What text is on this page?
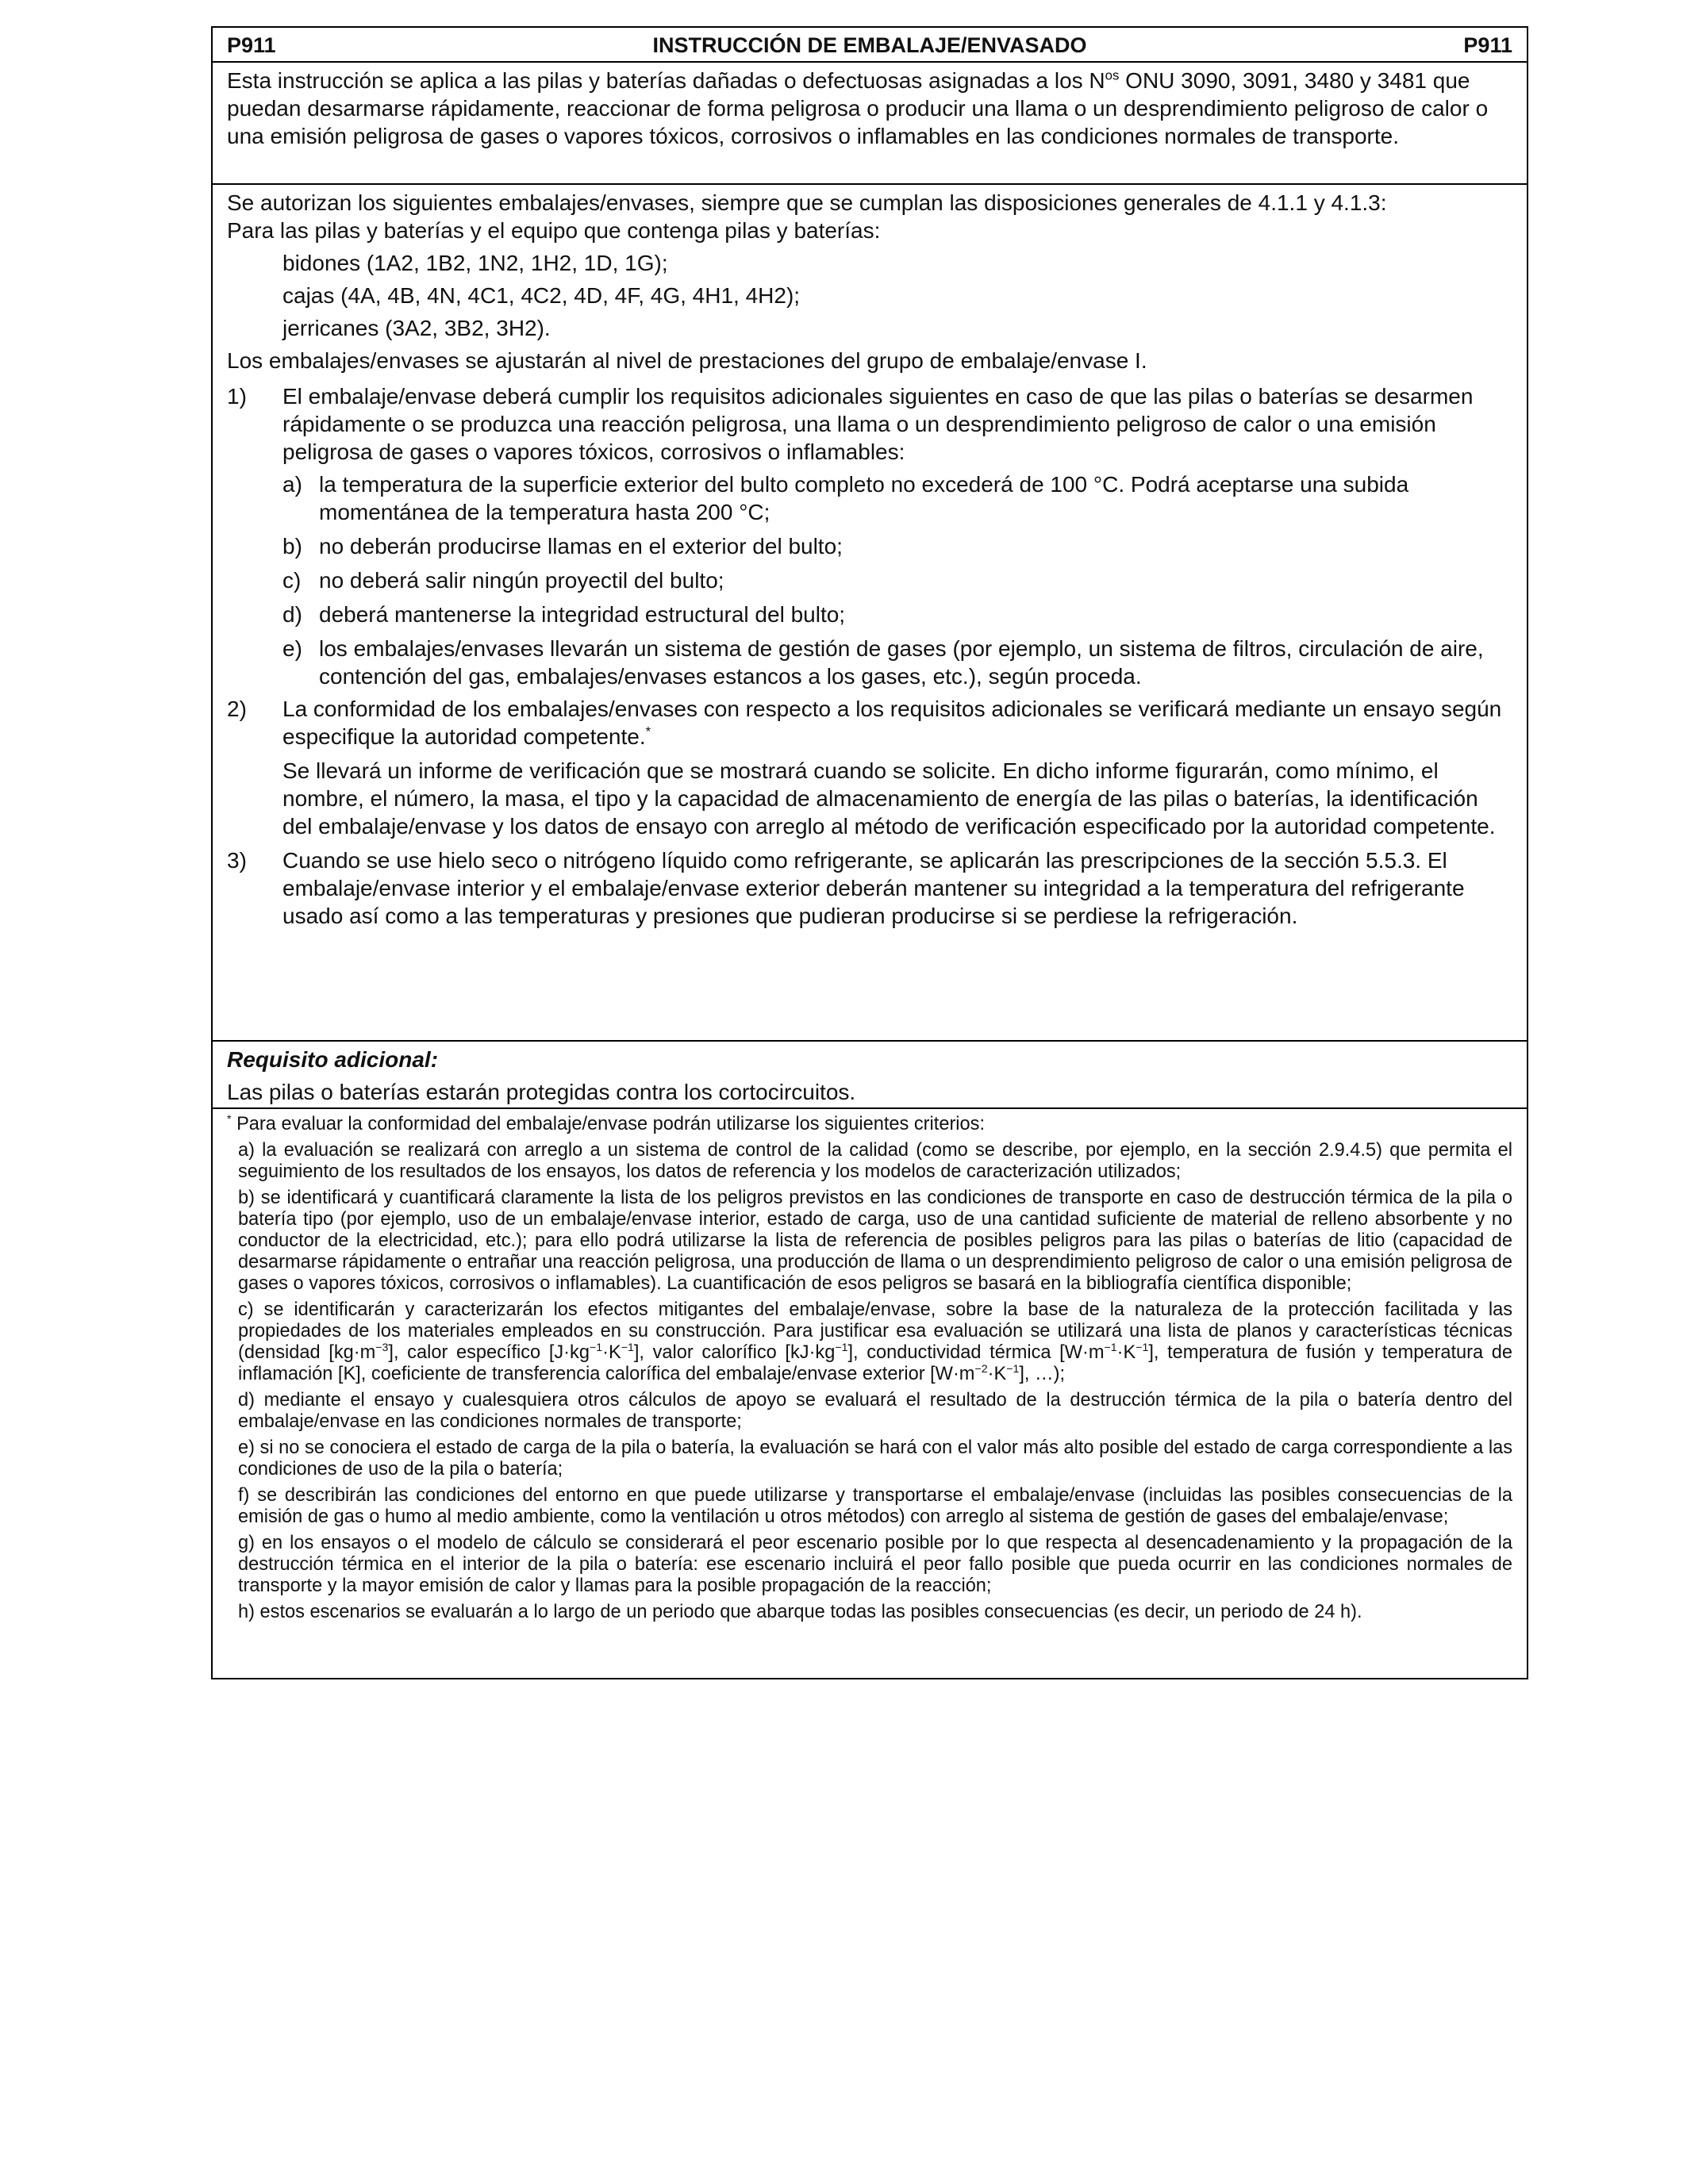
P911	INSTRUCCIÓN DE EMBALAJE/ENVASADO	P911

Esta instrucción se aplica a las pilas y baterías dañadas o defectuosas asignadas a los $N^{os}$ ONU 3090, 3091, 3480 y 3481 que puedan desarmarse rápidamente, reaccionar de forma peligrosa o producir una llama o un desprendimiento peligroso de calor o una emisión peligrosa de gases o vapores tóxicos, corrosivos o inflamables en las condiciones normales de transporte.

Se autorizan los siguientes embalajes/envases, siempre que se cumplan las disposiciones generales de 4.1.1 y 4.1.3:

Para las pilas y baterías y el equipo que contenga pilas y baterías:

bidones (1A2, 1B2, 1N2, 1H2, 1D, 1G);

cajas (4A, 4B, 4N, 4C1, 4C2, 4D, 4F, 4G, 4H1, 4H2);

jerricanes (3A2, 3B2, 3H2).

Los embalajes/envases se ajustarán al nivel de prestaciones del grupo de embalaje/envase I.

1) El embalaje/envase deberá cumplir los requisitos adicionales siguientes en caso de que las pilas o baterías se desarmen rápidamente o se produzca una reacción peligrosa, una llama o un desprendimiento peligroso de calor o una emisión peligrosa de gases o vapores tóxicos, corrosivos o inflamables:

a) la temperatura de la superficie exterior del bulto completo no excederá de 100 °C. Podrá aceptarse una subida momentánea de la temperatura hasta 200 °C;

b) no deberán producirse llamas en el exterior del bulto;

c) no deberá salir ningún proyectil del bulto;

d) deberá mantenerse la integridad estructural del bulto;

e) los embalajes/envases llevarán un sistema de gestión de gases (por ejemplo, un sistema de filtros, circulación de aire, contención del gas, embalajes/envases estancos a los gases, etc.), según proceda.

2) La conformidad de los embalajes/envases con respecto a los requisitos adicionales se verificará mediante un ensayo según especifique la autoridad competente.*

Se llevará un informe de verificación que se mostrará cuando se solicite. En dicho informe figurarán, como mínimo, el nombre, el número, la masa, el tipo y la capacidad de almacenamiento de energía de las pilas o baterías, la identificación del embalaje/envase y los datos de ensayo con arreglo al método de verificación especificado por la autoridad competente.

3) Cuando se use hielo seco o nitrógeno líquido como refrigerante, se aplicarán las prescripciones de la sección 5.5.3. El embalaje/envase interior y el embalaje/envase exterior deberán mantener su integridad a la temperatura del refrigerante usado así como a las temperaturas y presiones que pudieran producirse si se perdiese la refrigeración.

Requisito adicional:

Las pilas o baterías estarán protegidas contra los cortocircuitos.

* Para evaluar la conformidad del embalaje/envase podrán utilizarse los siguientes criterios:

a) la evaluación se realizará con arreglo a un sistema de control de la calidad (como se describe, por ejemplo, en la sección 2.9.4.5) que permita el seguimiento de los resultados de los ensayos, los datos de referencia y los modelos de caracterización utilizados;

b) se identificará y cuantificará claramente la lista de los peligros previstos en las condiciones de transporte en caso de destrucción térmica de la pila o batería tipo (por ejemplo, uso de un embalaje/envase interior, estado de carga, uso de una cantidad suficiente de material de relleno absorbente y no conductor de la electricidad, etc.); para ello podrá utilizarse la lista de referencia de posibles peligros para las pilas o baterías de litio (capacidad de desarmarse rápidamente o entrañar una reacción peligrosa, una producción de llama o un desprendimiento peligroso de calor o una emisión peligrosa de gases o vapores tóxicos, corrosivos o inflamables). La cuantificación de esos peligros se basará en la bibliografía científica disponible;

c) se identificarán y caracterizarán los efectos mitigantes del embalaje/envase, sobre la base de la naturaleza de la protección facilitada y las propiedades de los materiales empleados en su construcción. Para justificar esa evaluación se utilizará una lista de planos y características técnicas (densidad $[kg\cdot m^{-3}]$, calor específico $[J\cdot kg^{-1}\cdot K^{-1}]$, valor calorífico $[kJ\cdot kg^{-1}]$, conductividad térmica $[W\cdot m^{-1}\cdot K^{-1}]$, temperatura de fusión y temperatura de inflamación [K], coeficiente de transferencia calorífica del embalaje/envase exterior $[W\cdot m^{-2}\cdot K^{-1}]$, …);

d) mediante el ensayo y cualesquiera otros cálculos de apoyo se evaluará el resultado de la destrucción térmica de la pila o batería dentro del embalaje/envase en las condiciones normales de transporte;

e) si no se conociera el estado de carga de la pila o batería, la evaluación se hará con el valor más alto posible del estado de carga correspondiente a las condiciones de uso de la pila o batería;

f) se describirán las condiciones del entorno en que puede utilizarse y transportarse el embalaje/envase (incluidas las posibles consecuencias de la emisión de gas o humo al medio ambiente, como la ventilación u otros métodos) con arreglo al sistema de gestión de gases del embalaje/envase;

g) en los ensayos o el modelo de cálculo se considerará el peor escenario posible por lo que respecta al desencadenamiento y la propagación de la destrucción térmica en el interior de la pila o batería: ese escenario incluirá el peor fallo posible que pueda ocurrir en las condiciones normales de transporte y la mayor emisión de calor y llamas para la posible propagación de la reacción;

h) estos escenarios se evaluarán a lo largo de un periodo que abarque todas las posibles consecuencias (es decir, un periodo de 24 h).
